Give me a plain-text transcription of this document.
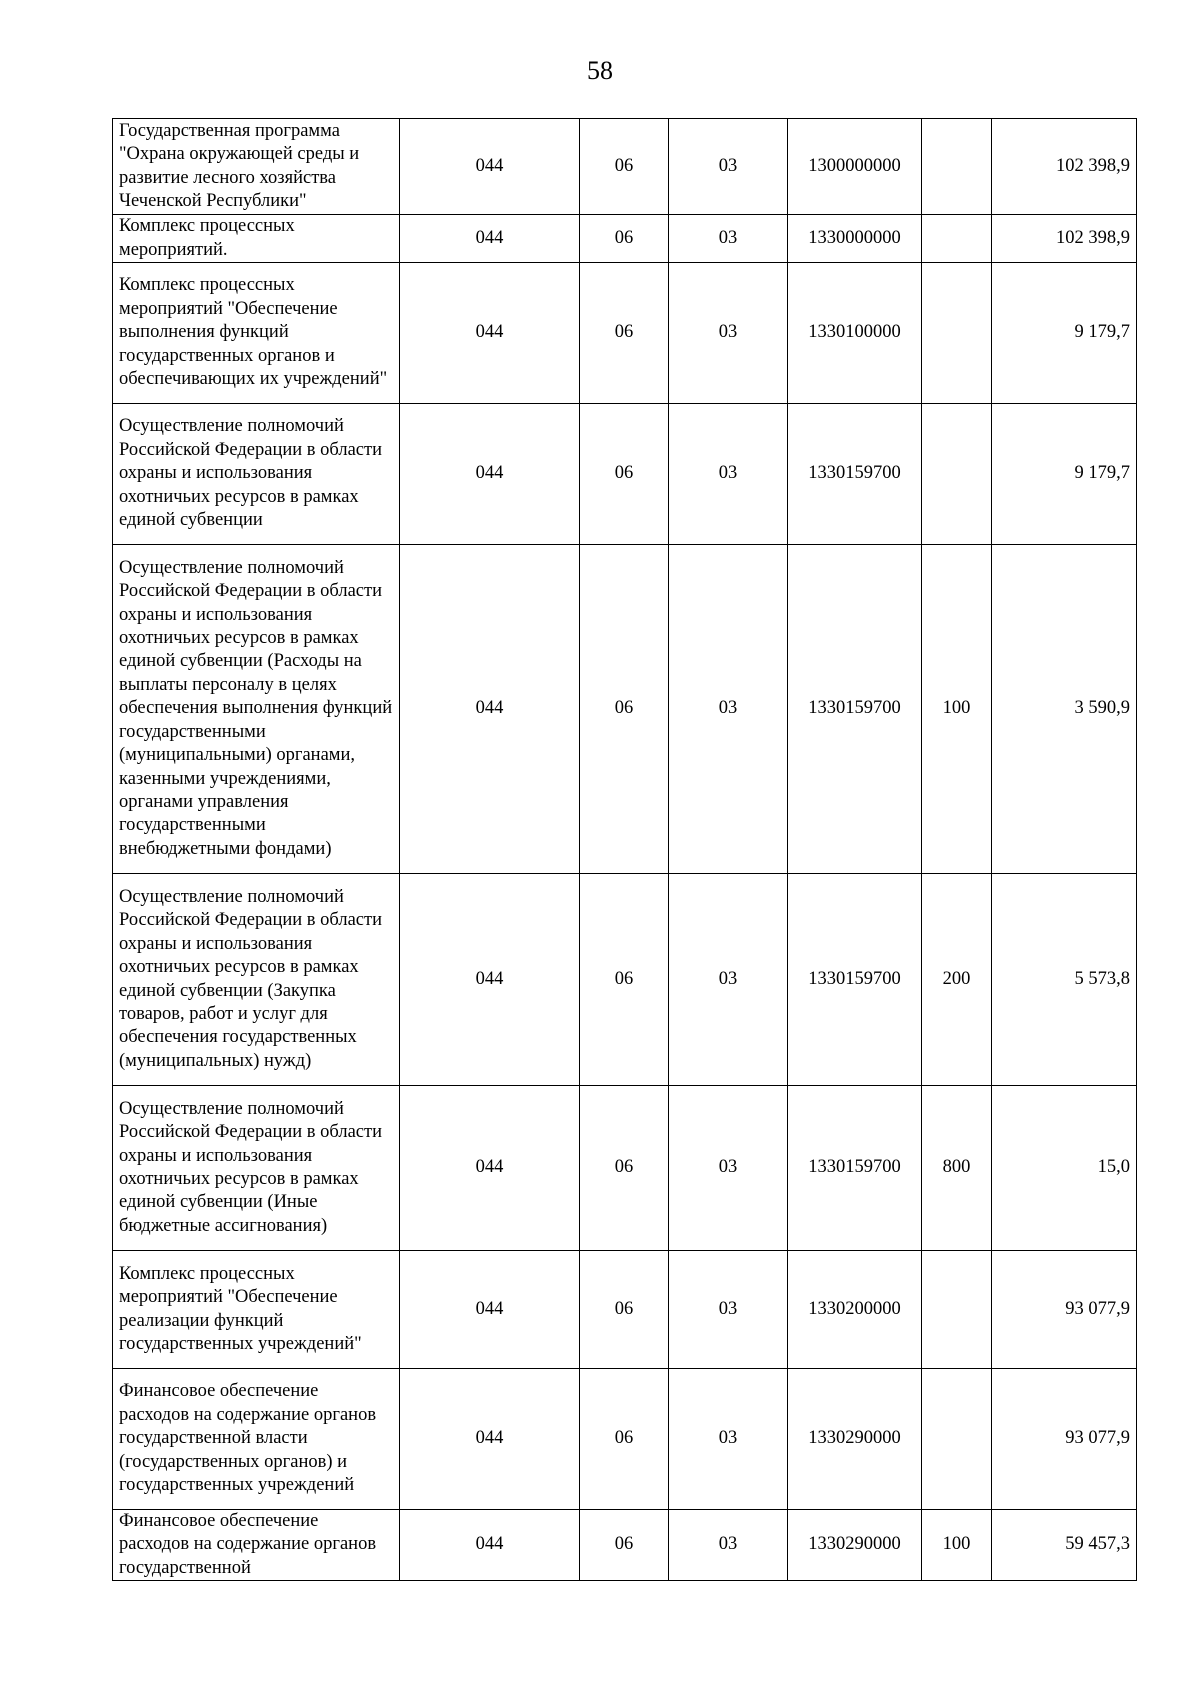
58
Государственная программа "Охрана окружающей среды и развитие лесного хозяйства Чеченской Республики"	044	06	03	1300000000		102 398,9
Комплекс процессных мероприятий.	044	06	03	1330000000		102 398,9
Комплекс процессных мероприятий "Обеспечение выполнения функций государственных органов и обеспечивающих их учреждений"	044	06	03	1330100000		9 179,7
Осуществление полномочий Российской Федерации в области охраны и использования охотничьих ресурсов в рамках единой субвенции	044	06	03	1330159700		9 179,7
Осуществление полномочий Российской Федерации в области охраны и использования охотничьих ресурсов в рамках единой субвенции (Расходы на выплаты персоналу в целях обеспечения выполнения функций государственными (муниципальными) органами, казенными учреждениями, органами управления государственными внебюджетными фондами)	044	06	03	1330159700	100	3 590,9
Осуществление полномочий Российской Федерации в области охраны и использования охотничьих ресурсов в рамках единой субвенции (Закупка товаров, работ и услуг для обеспечения государственных (муниципальных) нужд)	044	06	03	1330159700	200	5 573,8
Осуществление полномочий Российской Федерации в области охраны и использования охотничьих ресурсов в рамках единой субвенции (Иные бюджетные ассигнования)	044	06	03	1330159700	800	15,0
Комплекс процессных мероприятий "Обеспечение реализации функций государственных учреждений"	044	06	03	1330200000		93 077,9
Финансовое обеспечение расходов на содержание органов государственной власти (государственных органов) и государственных учреждений	044	06	03	1330290000		93 077,9
Финансовое обеспечение расходов на содержание органов государственной	044	06	03	1330290000	100	59 457,3
